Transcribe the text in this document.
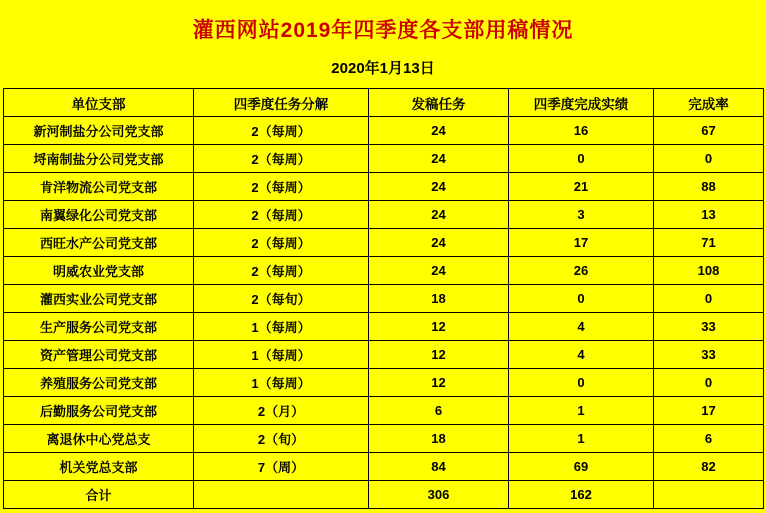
灌西网站2019年四季度各支部用稿情况
2020年1月13日
单位支部	四季度任务分解	发稿任务	四季度完成实绩	完成率
新河制盐分公司党支部	2（每周）	24	16	67
埒南制盐分公司党支部	2（每周）	24	0	0
肯洋物流公司党支部	2（每周）	24	21	88
南翼绿化公司党支部	2（每周）	24	3	13
西旺水产公司党支部	2（每周）	24	17	71
明威农业党支部	2（每周）	24	26	108
灌西实业公司党支部	2（每旬）	18	0	0
生产服务公司党支部	1（每周）	12	4	33
资产管理公司党支部	1（每周）	12	4	33
养殖服务公司党支部	1（每周）	12	0	0
后勤服务公司党支部	2（月）	6	1	17
离退休中心党总支	2（旬）	18	1	6
机关党总支部	7（周）	84	69	82
合计		306	162	
